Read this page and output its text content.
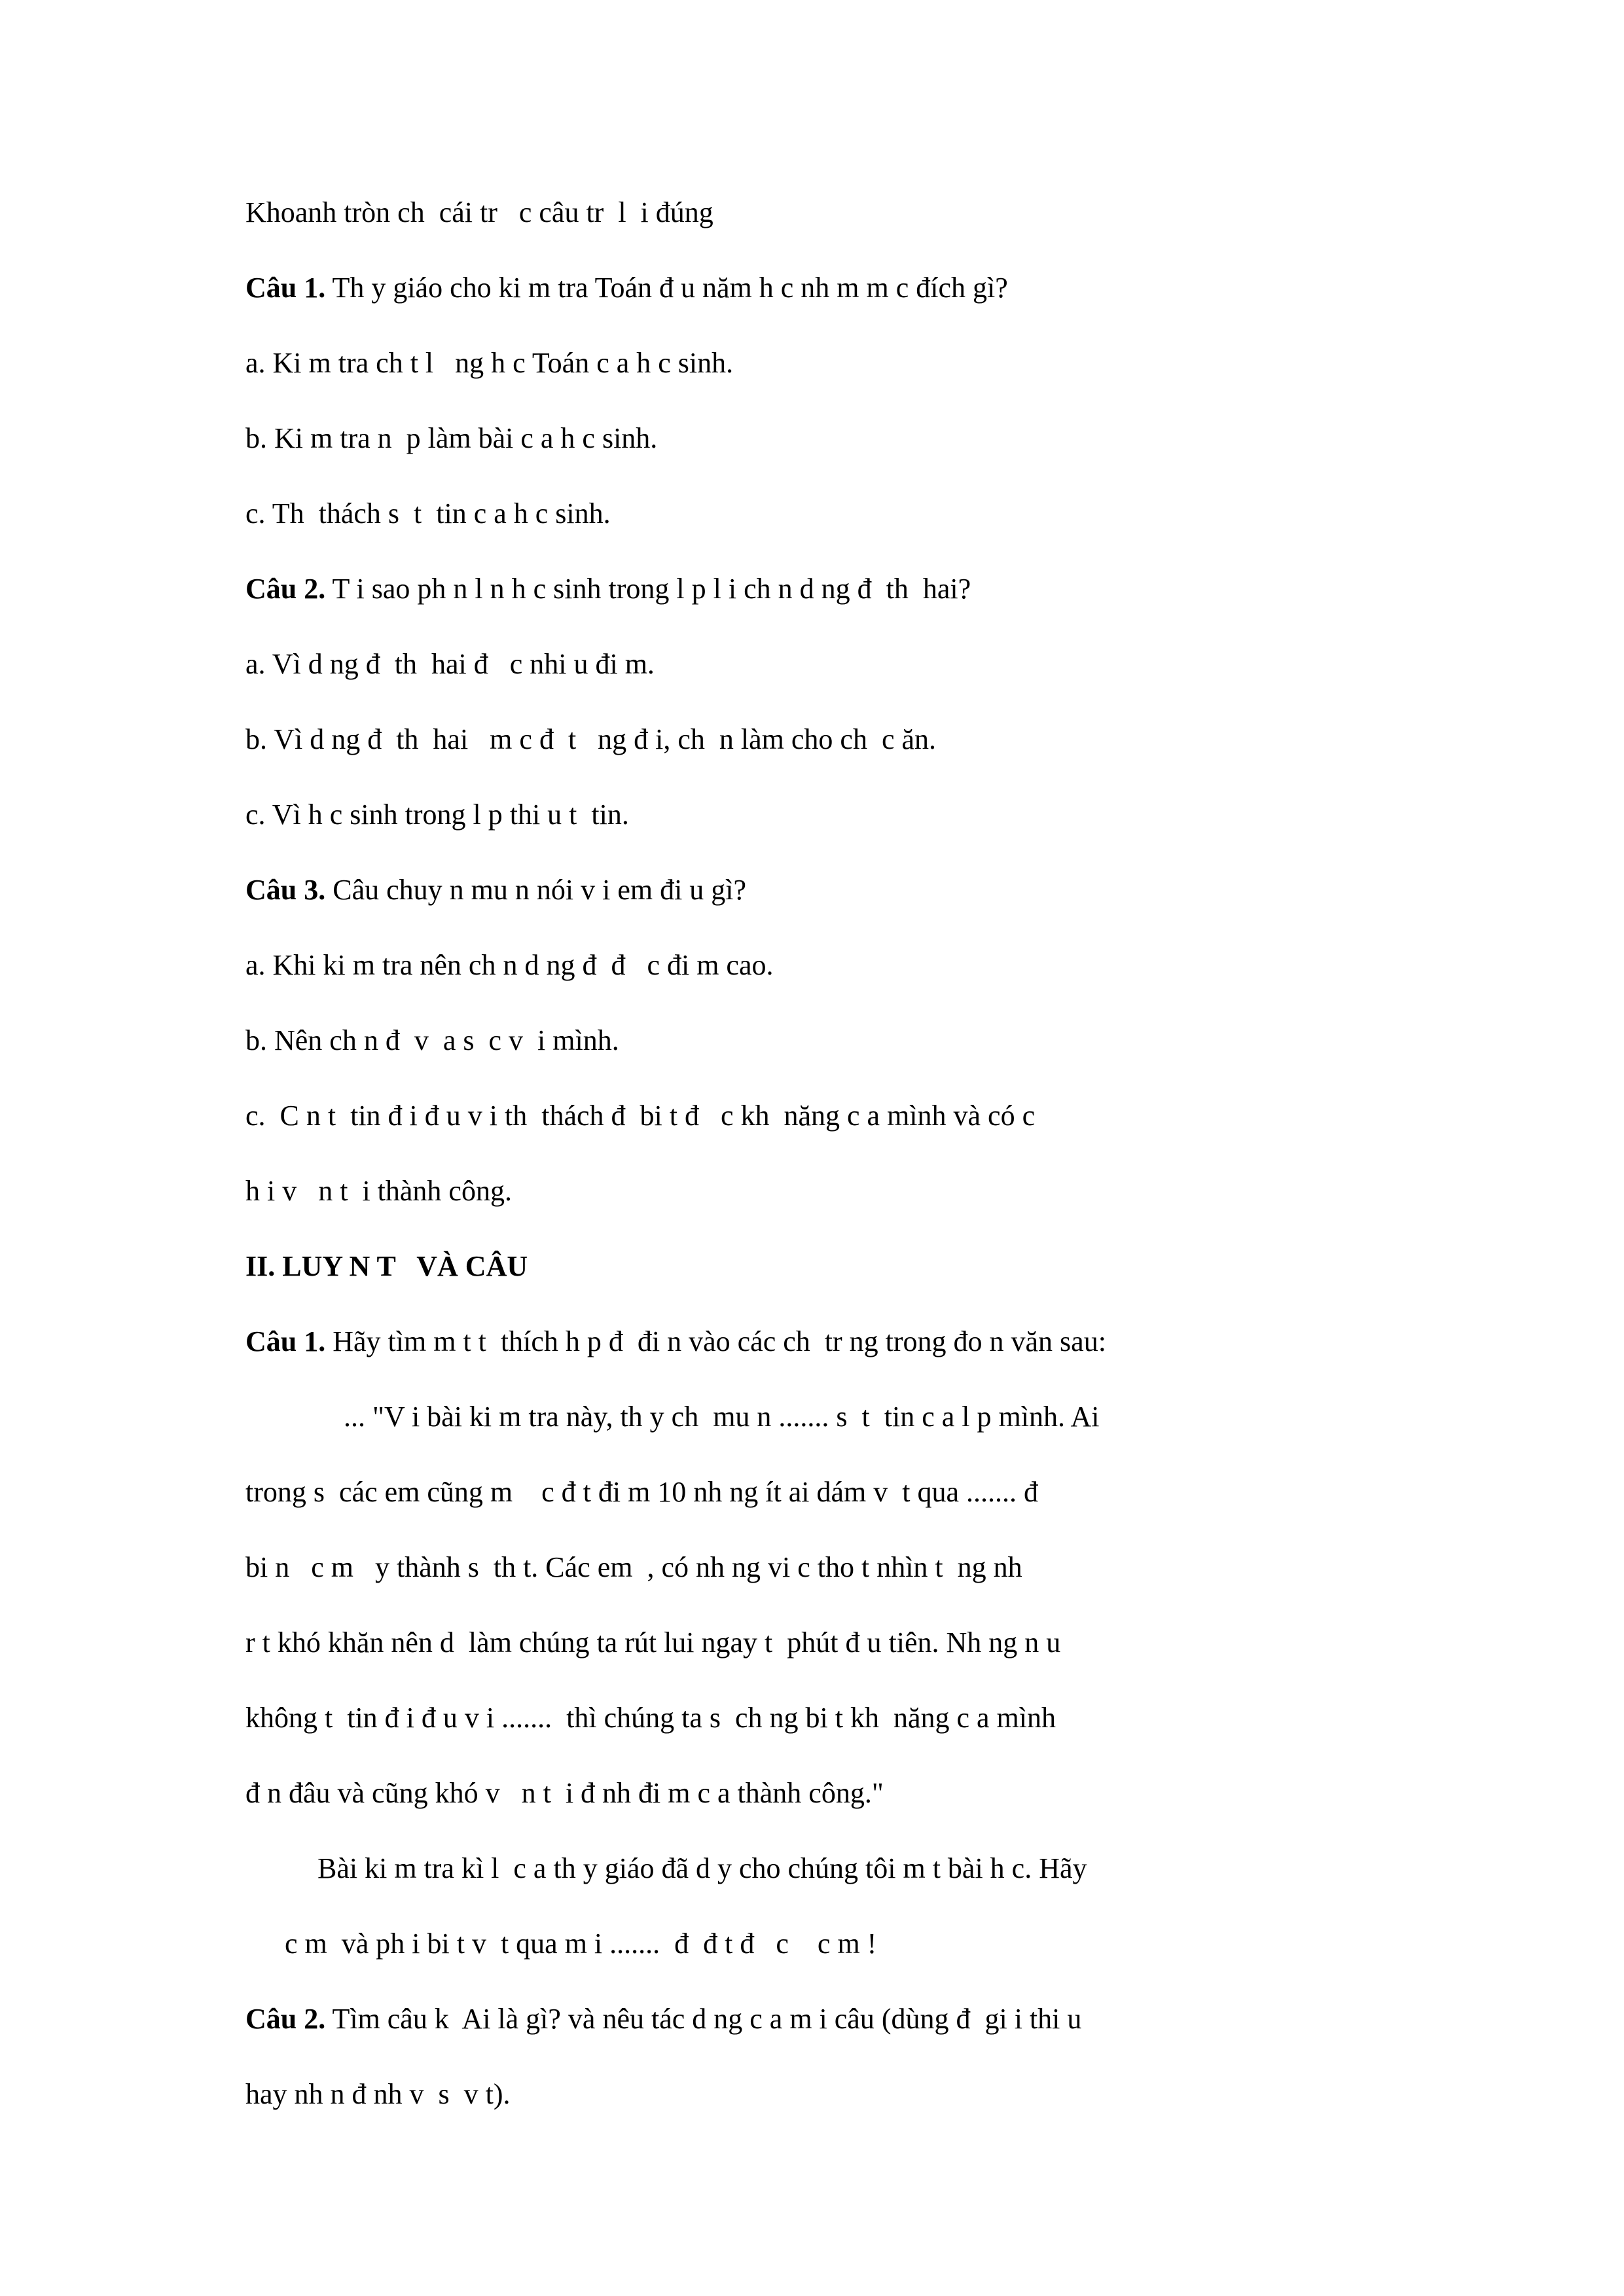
Khoanh tròn ch  cái tr   c câu tr  l  i đúng
Câu 1. Th y giáo cho ki m tra Toán đ u năm h c nh m m c đích gì?
a. Ki m tra ch t l   ng h c Toán c a h c sinh.
b. Ki m tra n  p làm bài c a h c sinh.
c. Th  thách s  t  tin c a h c sinh.
Câu 2. T i sao ph n l n h c sinh trong l p l i ch n d ng đ  th  hai?
a. Vì d ng đ  th  hai đ   c nhi u đi m.
b. Vì d ng đ  th  hai   m c đ  t   ng đ i, ch  n làm cho ch  c ăn.
c. Vì h c sinh trong l p thi u t  tin.
Câu 3. Câu chuy n mu n nói v i em đi u gì?
a. Khi ki m tra nên ch n d ng đ  đ   c đi m cao.
b. Nên ch n đ  v  a s  c v  i mình.
c.  C n t  tin đ i đ u v i th  thách đ  bi t đ   c kh  năng c a mình và có c
h i v   n t  i thành công.
II. LUY N T   VÀ CÂU
Câu 1. Hãy tìm m t t  thích h p đ  đi n vào các ch  tr ng trong đo n văn sau:
... "V i bài ki m tra này, th y ch  mu n ....... s  t  tin c a l p mình. Ai
trong s  các em cũng m    c đ t đi m 10 nh ng ít ai dám v  t qua ....... đ
bi n   c m   y thành s  th t. Các em  , có nh ng vi c tho t nhìn t  ng nh
r t khó khăn nên d  làm chúng ta rút lui ngay t  phút đ u tiên. Nh ng n u
không t  tin đ i đ u v i .......  thì chúng ta s  ch ng bi t kh  năng c a mình
đ n đâu và cũng khó v   n t  i đ nh đi m c a thành công."
Bài ki m tra kì l  c a th y giáo đã d y cho chúng tôi m t bài h c. Hãy
c m  và ph i bi t v  t qua m i .......  đ  đ t đ   c    c m !
Câu 2. Tìm câu k  Ai là gì? và nêu tác d ng c a m i câu (dùng đ  gi i thi u
hay nh n đ nh v  s  v t).
